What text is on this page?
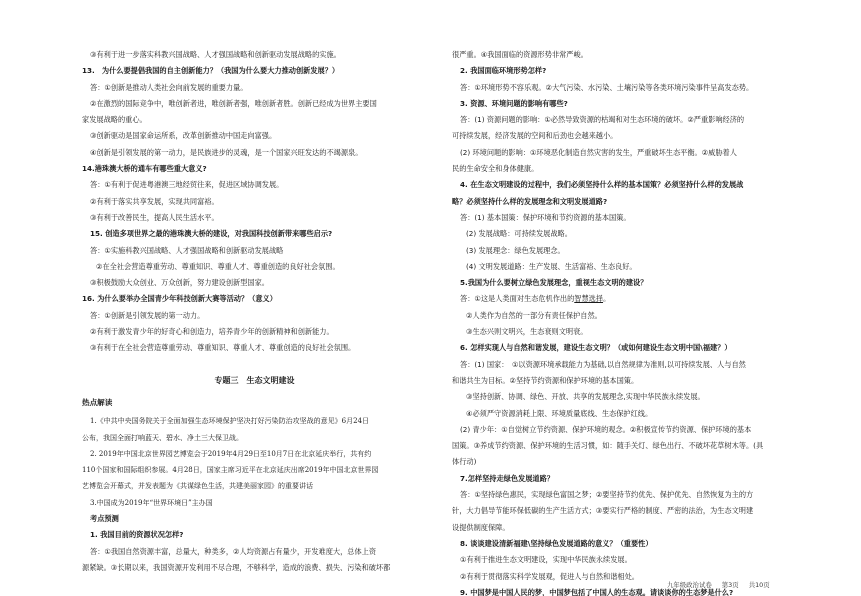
③有利于进一步落实科教兴国战略、人才强国战略和创新驱动发展战略的实施。
13.　为什么要提倡我国的自主创新能力？（我国为什么要大力推动创新发展？）
答：①创新是推动人类社会向前发展的重要力量。
②在激烈的国际竞争中，唯创新者进，唯创新者强，唯创新者胜。创新已经成为世界主要国
家发展战略的重心。
③创新驱动是国家命运所系，改革创新推动中国走向富强。
④创新是引领发展的第一动力，是民族进步的灵魂，是一个国家兴旺发达的不竭源泉。
14.港珠澳大桥的通车有哪些重大意义?
答：①有利于促进粤港澳三地经贸往来，促进区域协调发展。
②有利于落实共享发展，实现共同富裕。
③有利于改善民生，提高人民生活水平。
15. 创造多项世界之最的港珠澳大桥的建设，对我国科技创新带来哪些启示?
答：①实施科教兴国战略、人才强国战略和创新驱动发展战略
②在全社会营造尊重劳动、尊重知识、尊重人才、尊重创造的良好社会氛围。
③积极鼓励大众创业、万众创新，努力建设创新型国家。
16. 为什么要举办全国青少年科技创新大赛等活动？（意义）
答：①创新是引领发展的第一动力。
②有利于激发青少年的好奇心和创造力，培养青少年的创新精神和创新能力。
③有利于在全社会营造尊重劳动、尊重知识、尊重人才、尊重创造的良好社会氛围。
专题三　生态文明建设
热点解读
1.《中共中央国务院关于全面加强生态环境保护坚决打好污染防治攻坚战的意见》6月24日
公布，我国全面打响蓝天、碧水、净土三大保卫战。
2. 2019年中国北京世界园艺博览会于2019年4月29日至10月7日在北京延庆举行，共有约
110个国家和国际组织参展。4月28日，国家主席习近平在北京延庆出席2019年中国北京世界园
艺博览会开幕式，并发表题为《共谋绿色生活，共建美丽家园》的重要讲话
3.中国成为2019年“世界环境日”主办国
考点预测
1. 我国目前的资源状况怎样?
答：①我国自然资源丰富，总量大，种类多，②人均资源占有量少，开发难度大，总体上资
源紧缺。③长期以来，我国资源开发利用不尽合理，不够科学，造成的浪费、损失、污染和破坏都
很严重。④我国面临的资源形势非常严峻。
2. 我国面临环境形势怎样?
答：①环境形势不容乐观。②大气污染、水污染、土壤污染等各类环境污染事件呈高发态势。
3. 资源、环境问题的影响有哪些?
答：(1) 资源问题的影响：①必然导致资源的枯竭和对生态环境的破坏。②严重影响经济的
可持续发展，经济发展的空间和后劲也会越来越小。
(2) 环境问题的影响：①环境恶化制造自然灾害的发生，严重破坏生态平衡。②威胁着人
民的生命安全和身体健康。
4. 在生态文明建设的过程中，我们必须坚持什么样的基本国策？必须坚持什么样的发展战
略？必须坚持什么样的发展理念和文明发展道路?
答：(1) 基本国策：保护环境和节约资源的基本国策。
(2) 发展战略：可持续发展战略。
(3) 发展理念：绿色发展理念。
(4) 文明发展道路：生产发展、生活富裕、生态良好。
5.我国为什么要树立绿色发展理念，重视生态文明的建设？
答：①这是人类面对生态危机作出的智慧选择。
②人类作为自然的一部分有责任保护自然。
③生态兴则文明兴，生态衰则文明衰。
6. 怎样实现人与自然和谐发展，建设生态文明？（或如何建设生态文明中国\福建？）
答：(1) 国家：　①以资源环境承载能力为基础,以自然规律为准则,以可持续发展、人与自然
和谐共生为目标。②坚持节约资源和保护环境的基本国策。
③坚持创新、协调、绿色、开放、共享的发展理念,实现中华民族永续发展。
④必须严守资源消耗上限、环境质量底线、生态保护红线。
(2) 青少年：①自觉树立节约资源、保护环境的观念。②积极宣传节约资源、保护环境的基本
国策。③养成节约资源、保护环境的生活习惯，如：随手关灯、绿色出行、不破坏花草树木等。(具
体行动)
7.怎样坚持走绿色发展道路？
答：①坚持绿色惠民，实现绿色富国之梦；②要坚持节约优先、保护优先、自然恢复为主的方
针，大力倡导节能环保低碳的生产生活方式；③要实行严格的制度、严密的法治，为生态文明建
设提供制度保障。
8. 谈谈建设清新福建\坚持绿色发展道路的意义？（重要性）
①有利于推进生态文明建设，实现中华民族永续发展。
②有利于贯彻落实科学发展观，促进人与自然和谐相处。
9. 中国梦是中国人民的梦，中国梦包括了中国人的生态观。请谈谈你的生态梦是什么?
九年级政治试卷 第3页 共10页
